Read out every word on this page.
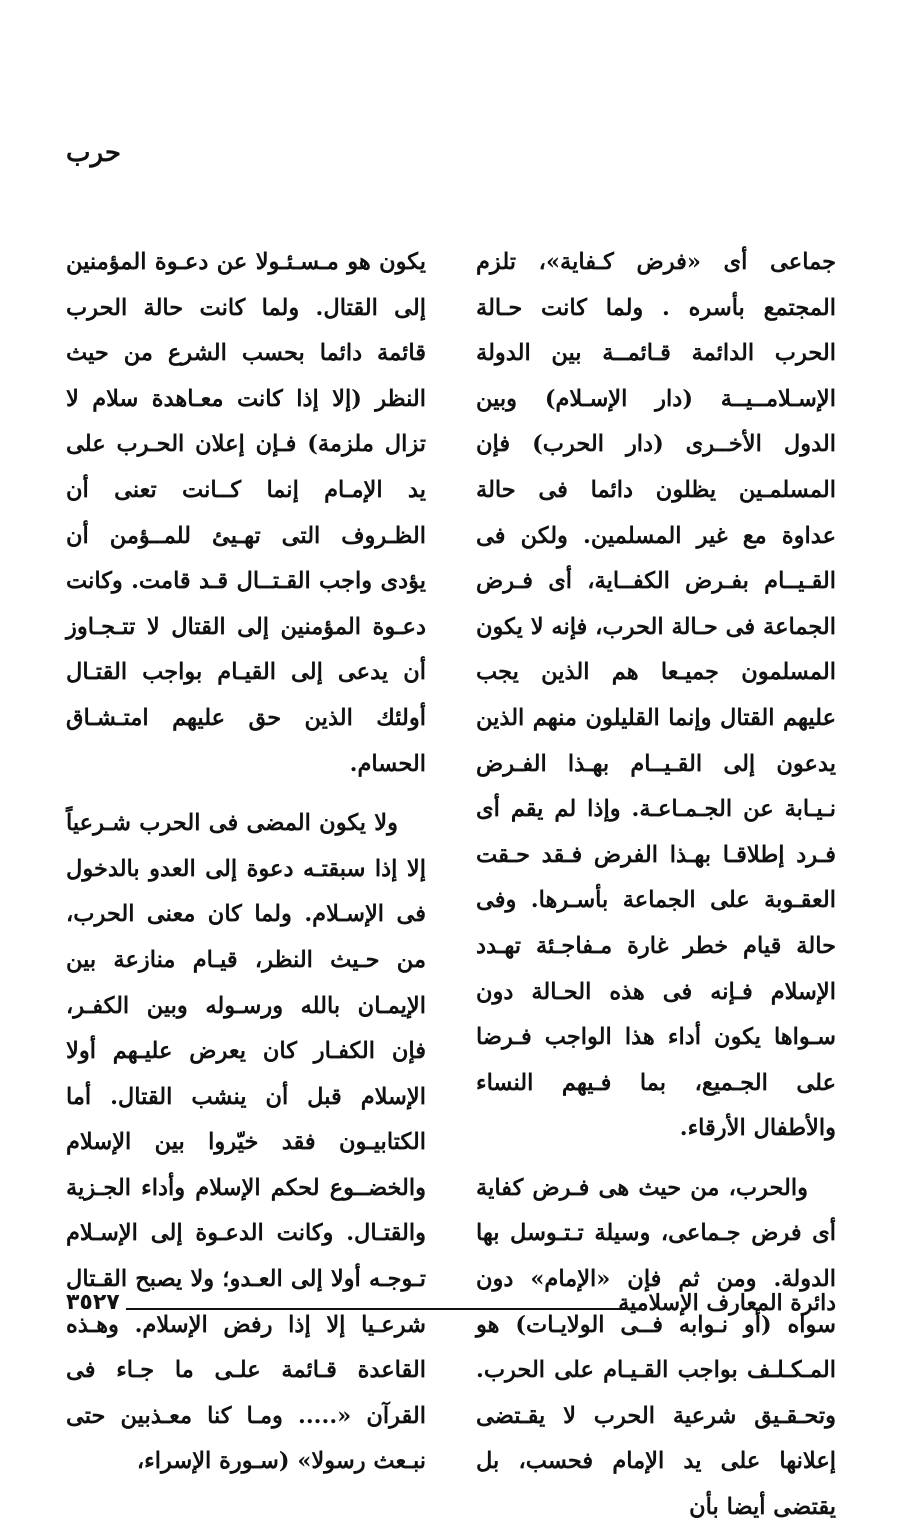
حرب

جماعى أى «فرض كـفاية»، تلزم المجتمع بأسره . ولما كانت حـالة الحرب الدائمة قـائمــة بين الدولة الإسـلامــيــة (دار الإسـلام) وبين الدول الأخــرى (دار الحرب) فإن المسلمـين يظلون دائما فى حالة عداوة مع غير المسلمين. ولكن فى القـيــام بفـرض الكفــاية، أى فـرض الجماعة فى حـالة الحرب، فإنه لا يكون المسلمون جميـعا هم الذين يجب عليهم القتال وإنما القليلون منهم الذين يدعون إلى القـيــام بهـذا الفـرض نـيـابة عن الجـمـاعـة. وإذا لم يقم أى فـرد إطلاقـا بهـذا الفرض فـقد حـقت العقـوبة على الجماعة بأسـرها. وفى حالة قيام خطر غارة مـفاجـئة تهـدد الإسلام فـإنه فى هذه الحـالة دون سـواها يكون أداء هذا الواجب فـرضا على الجـميع، بما فـيهم النساء والأطفال الأرقاء.

والحرب، من حيث هى فـرض كفاية أى فرض جـماعى، وسيلة تـتـوسل بها الدولة. ومن ثم فإن «الإمام» دون سواه (أو نـوابه فــى الولايـات) هو المـكـلـف بواجب القـيـام على الحرب. وتحـقـيق شرعية الحرب لا يقـتضى إعلانها على يد الإمام فحسب، بل يقتضى أيضا بأن

يكون هو مـسـئـولا عن دعـوة المؤمنين إلى القتال. ولما كانت حالة الحرب قائمة دائما بحسب الشرع من حيث النظر (إلا إذا كانت معـاهدة سلام لا تزال ملزمة) فـإن إعلان الحـرب على يد الإمـام إنما كــانت تعنى أن الظـروف التى تهـيئ للمــؤمن أن يؤدى واجب القـتــال قـد قامت. وكانت دعـوة المؤمنين إلى القتال لا تتـجـاوز أن يدعى إلى القيـام بواجب القتـال أولئك الذين حق عليهم امتـشـاق الحسام.

ولا يكون المضى فى الحرب شـرعياً إلا إذا سبقتـه دعوة إلى العدو بالدخول فى الإسـلام. ولما كان معنى الحرب، من حـيث النظر، قيـام منازعة بين الإيمـان بالله ورسـوله وبين الكفـر، فإن الكفـار كان يعرض عليـهم أولا الإسلام قبل أن ينشب القتال. أما الكتابيـون فقد خيّروا بين الإسلام والخضــوع لحكم الإسلام وأداء الجـزية والقتـال. وكانت الدعـوة إلى الإسـلام تـوجـه أولا إلى العـدو؛ ولا يصبح القـتال شرعـيا إلا إذا رفض الإسلام. وهـذه القاعدة قـائمة علـى ما جـاء فى القرآن «..... ومـا كنا معـذبين حتى نبـعث رسولا» (سـورة الإسراء،

٣٥٢٧	دائرة المعارف الإسلامية
